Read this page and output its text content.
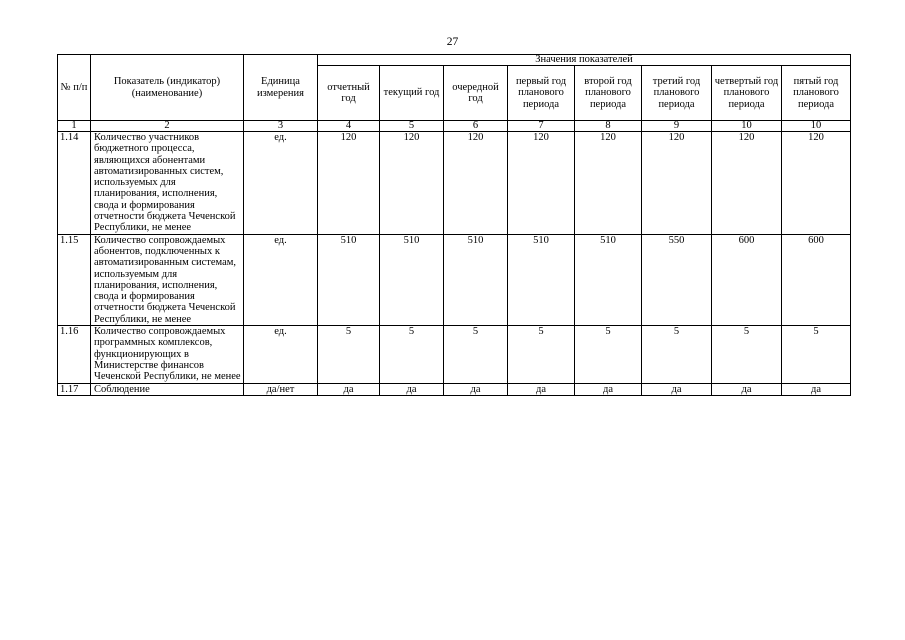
27
№ п/п	Показатель (индикатор) (наименование)	Единица измерения	Значения показателей							
			отчетный год	текущий год	очередной год	первый год планового периода	второй год планового периода	третий год планового периода	четвертый год планового периода	пятый год планового периода
1	2	3	4	5	6	7	8	9	10	10
1.14	Количество участников бюджетного процесса, являющихся абонентами автоматизированных систем, используемых для планирования, исполнения, свода и формирования отчетности бюджета Чеченской Республики, не менее	ед.	120	120	120	120	120	120	120	120
1.15	Количество сопровождаемых абонентов, подключенных к автоматизированным системам, используемым для планирования, исполнения, свода и формирования отчетности бюджета Чеченской Республики, не менее	ед.	510	510	510	510	510	550	600	600
1.16	Количество сопровождаемых программных комплексов, функционирующих в Министерстве финансов Чеченской Республики, не менее	ед.	5	5	5	5	5	5	5	5
1.17	Соблюдение	да/нет	да	да	да	да	да	да	да	да
